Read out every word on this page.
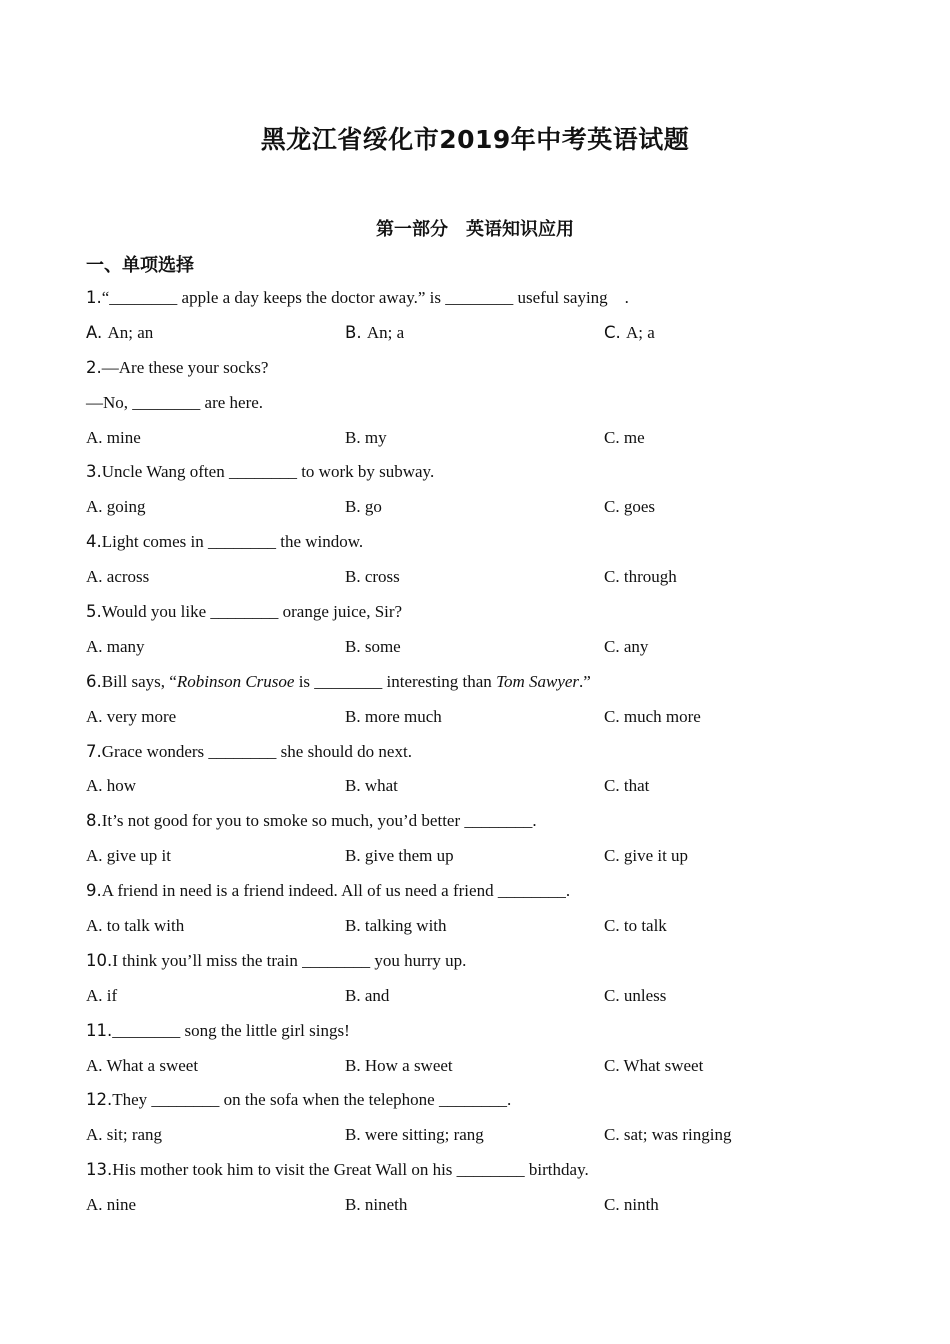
黑龙江省绥化市2019年中考英语试题
第一部分　英语知识应用
一、单项选择
1.“________ apple a day keeps the doctor away.” is ________ useful saying　.
A. An; an	B. An; a	C. A; a
2.—Are these your socks?
—No, ________ are here.
A. mine	B. my	C. me
3.Uncle Wang often ________ to work by subway.
A. going	B. go	C. goes
4.Light comes in ________ the window.
A. across	B. cross	C. through
5.Would you like ________ orange juice, Sir?
A. many	B. some	C. any
6.Bill says, “Robinson Crusoe is ________ interesting than Tom Sawyer.”
A. very more	B. more much	C. much more
7.Grace wonders ________ she should do next.
A. how	B. what	C. that
8.It’s not good for you to smoke so much, you’d better ________.
A. give up it	B. give them up	C. give it up
9.A friend in need is a friend indeed. All of us need a friend ________.
A. to talk with	B. talking with	C. to talk
10.I think you’ll miss the train ________ you hurry up.
A. if	B. and	C. unless
11.________ song the little girl sings!
A. What a sweet	B. How a sweet	C. What sweet
12.They ________ on the sofa when the telephone ________.
A. sit; rang	B. were sitting; rang	C. sat; was ringing
13.His mother took him to visit the Great Wall on his ________ birthday.
A. nine	B. nineth	C. ninth
